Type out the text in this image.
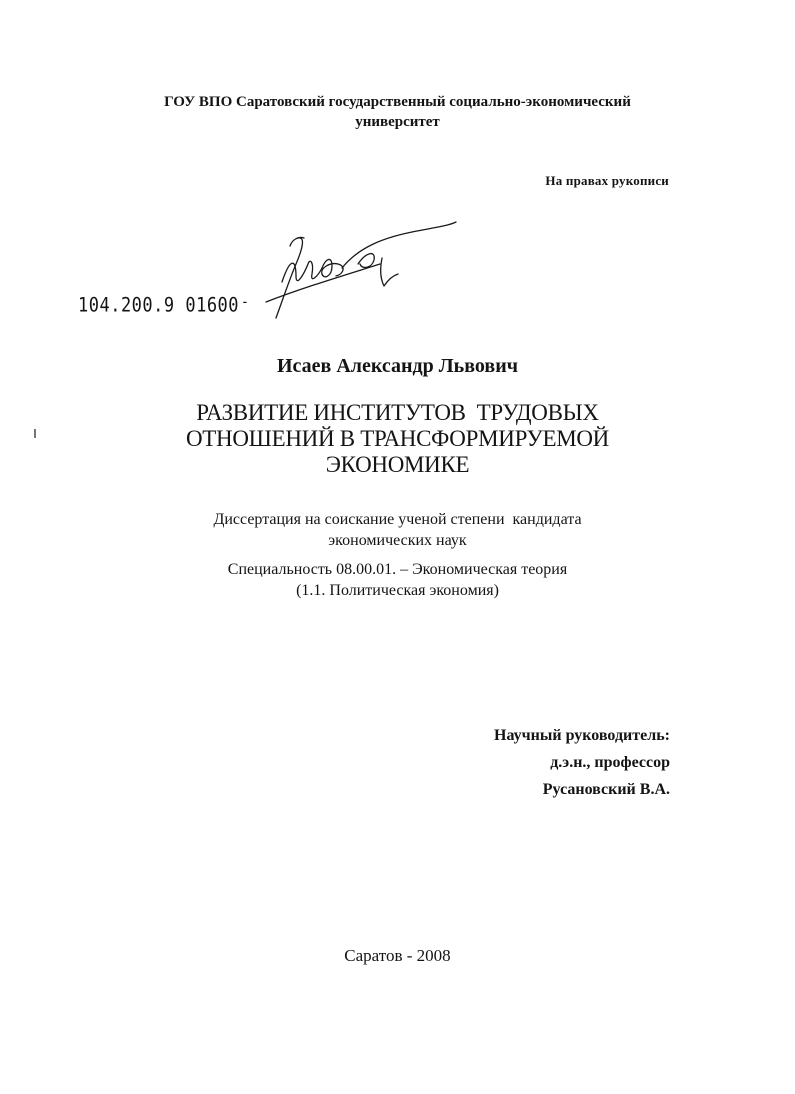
ГОУ ВПО Саратовский государственный социально-экономический
университет
На правах рукописи
104.200.9 01600 -
Исаев Александр Львович
РАЗВИТИЕ ИНСТИТУТОВ  ТРУДОВЫХ
ОТНОШЕНИЙ В ТРАНСФОРМИРУЕМОЙ
ЭКОНОМИКЕ
Диссертация на соискание ученой степени  кандидата
экономических наук
Специальность 08.00.01. – Экономическая теория
(1.1. Политическая экономия)
Научный руководитель:
д.э.н., профессор
Русановский В.А.
Саратов - 2008
